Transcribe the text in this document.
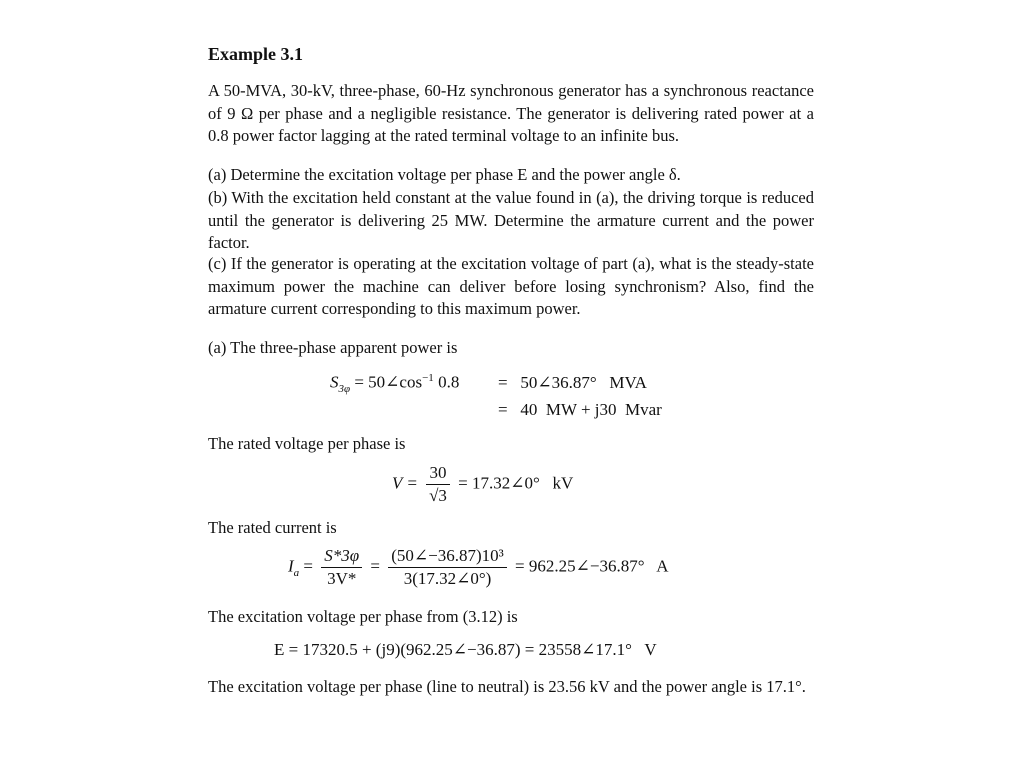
Example 3.1
A 50-MVA, 30-kV, three-phase, 60-Hz synchronous generator has a synchronous reactance of 9 Ω per phase and a negligible resistance. The generator is delivering rated power at a 0.8 power factor lagging at the rated terminal voltage to an infinite bus.
(a) Determine the excitation voltage per phase E and the power angle δ.
(b) With the excitation held constant at the value found in (a), the driving torque is reduced until the generator is delivering 25 MW. Determine the armature current and the power factor.
(c) If the generator is operating at the excitation voltage of part (a), what is the steady-state maximum power the machine can deliver before losing synchronism? Also, find the armature current corresponding to this maximum power.
(a) The three-phase apparent power is
$S_{3\varphi}$ = $50\angle\cos^{-1}$ 0.8 =   50∠36.87°   MVA
=   40  MW + j30  Mvar
The rated voltage per phase is
$V = \frac{30}{√3}$ = 17.32∠0°   kV
The rated current is
$I_a = \frac{S*3\varphi}{3V*} = \frac{\text{(50∠−36.87)10³}}{3(17.32\angle 0^\circ)}$ = 962.25∠−36.87°   A
The excitation voltage per phase from (3.12) is
E = 17320.5 + (j9)(962.25∠−36.87) = 23558∠17.1°   V
The excitation voltage per phase (line to neutral) is 23.56 kV and the power angle is 17.1°.
